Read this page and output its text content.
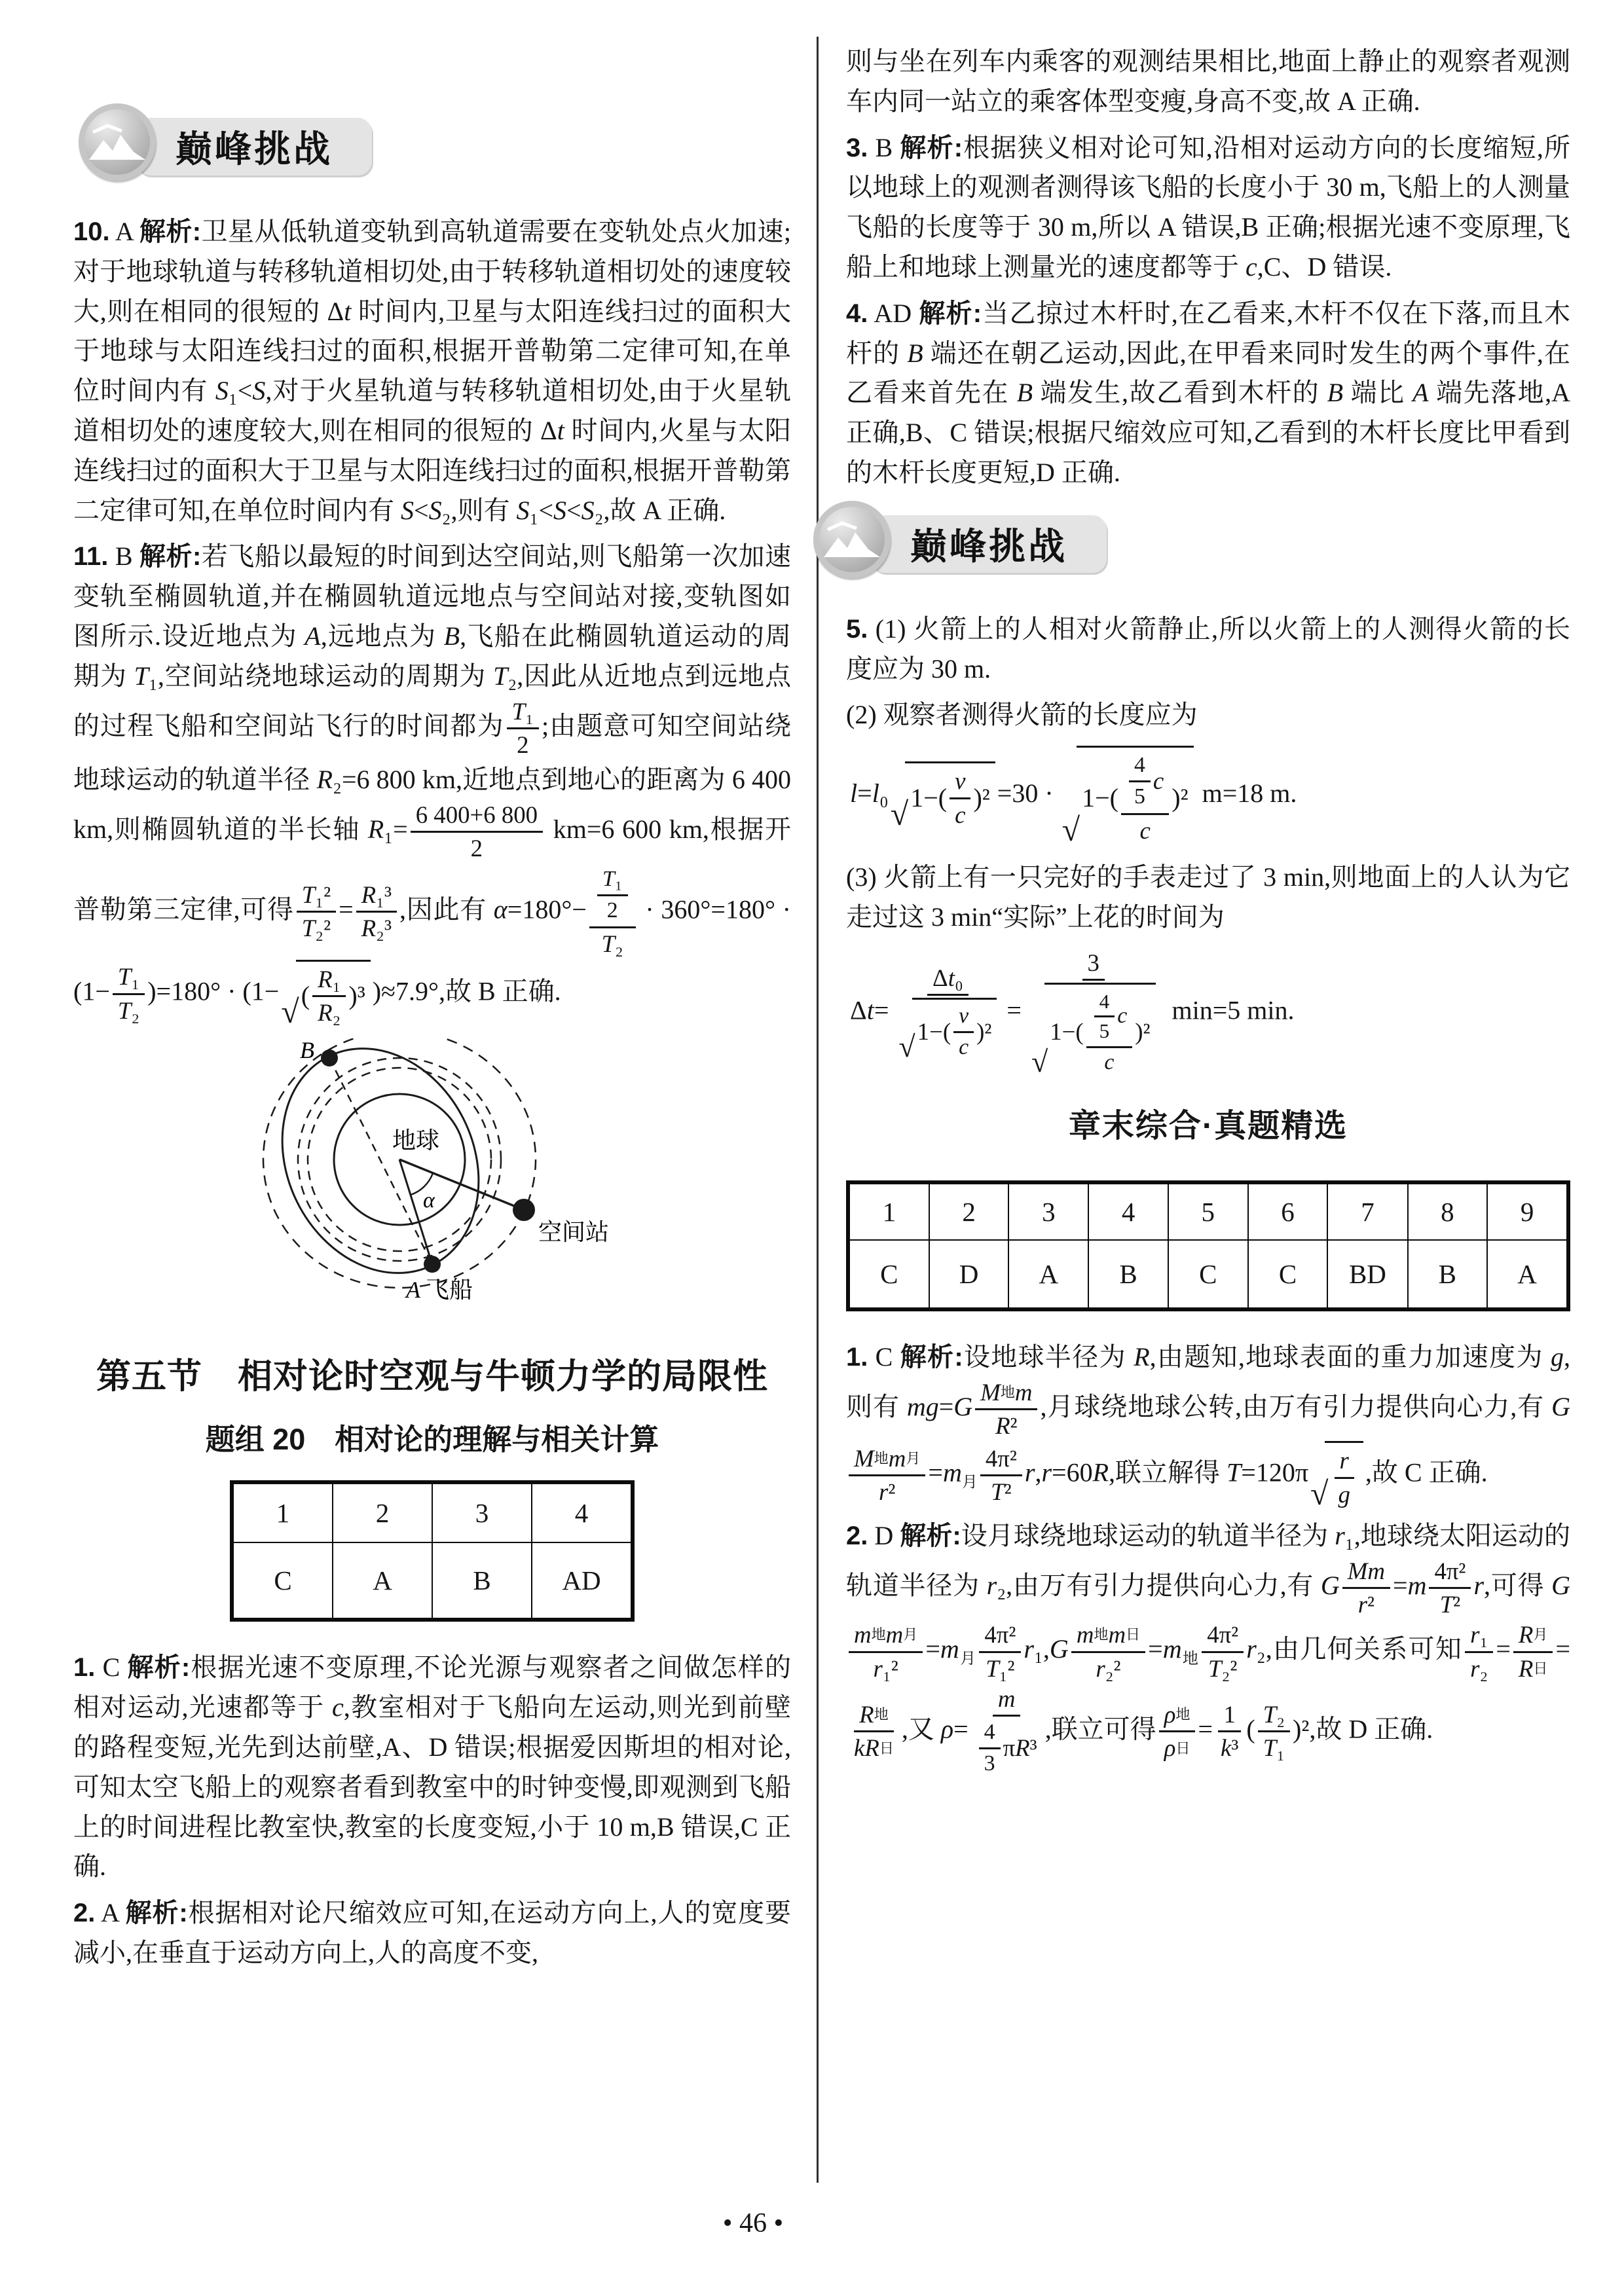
巅峰挑战

10. A 解析:卫星从低轨道变轨到高轨道需要在变轨处点火加速;对于地球轨道与转移轨道相切处,由于转移轨道相切处的速度较大,则在相同的很短的 Δt 时间内,卫星与太阳连线扫过的面积大于地球与太阳连线扫过的面积,根据开普勒第二定律可知,在单位时间内有 S₁<S,对于火星轨道与转移轨道相切处,由于火星轨道相切处的速度较大,则在相同的很短的 Δt 时间内,火星与太阳连线扫过的面积大于卫星与太阳连线扫过的面积,根据开普勒第二定律可知,在单位时间内有 S<S₂,则有 S₁<S<S₂,故 A 正确.

11. B 解析:若飞船以最短的时间到达空间站,则飞船第一次加速变轨至椭圆轨道,并在椭圆轨道远地点与空间站对接,变轨图如图所示.设近地点为 A,远地点为 B,飞船在此椭圆轨道运动的周期为 T₁,空间站绕地球运动的周期为 T₂,因此从近地点到远地点的过程飞船和空间站飞行的时间都为 $\frac{\text{T ₁}}{2}$ ;由题意可知空间站绕地球运动的轨道半径 R₂=6 800 km,近地点到地心的距离为 6 400 km,则椭圆轨道的半长轴 $R_1= \frac{6 400+6 800}{2} km=6$ 600 km,根据开普勒第三定律,可得 $\frac{\text{T ₁²}}{\text{T ₂²}} = \frac{\text{R ₁³}}{\text{R ₂³}}$ ,因此有 $\alpha=180^\circ- \frac{\frac{\text{T ₁}}{2}}{\text{T ₂}} \cdot 360^\circ=180^\circ \cdot (1- \frac{\text{T ₁}}{\text{T ₂}} )=180^\circ \cdot (1-$
√ ( $\frac{\text{R ₁}}{\text{R ₂}} )^3$ )≈7.9°,故 B 正确.

B
地球
α
空间站
A 飞船
第五节　相对论时空观与牛顿力学的局限性
题组 20　相对论的理解与相关计算
1	2	3	4
C	A	B	AD

1. C 解析:根据光速不变原理,不论光源与观察者之间做怎样的相对运动,光速都等于 c,教室相对于飞船向左运动,则光到前壁的路程变短,光先到达前壁,A、D 错误;根据爱因斯坦的相对论,可知太空飞船上的观察者看到教室中的时钟变慢,即观测到飞船上的时间进程比教室快,教室的长度变短,小于 10 m,B 错误,C 正确.

2. A 解析:根据相对论尺缩效应可知,在运动方向上,人的宽度要减小,在垂直于运动方向上,人的高度不变,

则与坐在列车内乘客的观测结果相比,地面上静止的观察者观测车内同一站立的乘客体型变瘦,身高不变,故 A 正确.

3. B 解析:根据狭义相对论可知,沿相对运动方向的长度缩短,所以地球上的观测者测得该飞船的长度小于 30 m,飞船上的人测量飞船的长度等于 30 m,所以 A 错误,B 正确;根据光速不变原理,飞船上和地球上测量光的速度都等于 c,C、D 错误.

4. AD 解析:当乙掠过木杆时,在乙看来,木杆不仅在下落,而且木杆的 B 端还在朝乙运动,因此,在甲看来同时发生的两个事件,在乙看来首先在 B 端发生,故乙看到木杆的 B 端比 A 端先落地,A 正确,B、C 错误;根据尺缩效应可知,乙看到的木杆长度比甲看到的木杆长度更短,D 正确.

巅峰挑战

5. (1) 火箭上的人相对火箭静止,所以火箭上的人测得火箭的长度应为 30 m.

(2) 观察者测得火箭的长度应为

l=l₀
√ $1-( \frac{v}{c} )^2 =30$ ·
√
$1-( \frac{\frac{4}{5} c}{c} )^2$ m=18 m.

(3) 火箭上有一只完好的手表走过了 3 min,则地面上的人认为它走过这 3 min“实际”上花的时间为

$\Delta t= \frac{\text{Δ t ₀}}{√ 1-( \frac{v}{c} )^2} = 3$
√
$1-( \frac{\frac{4}{5} c}{c} )^2$ min=5 min.
章末综合·真题精选
1	2	3	4	5	6	7	8	9
C	D	A	B	C	C	BD	B	A

1. C 解析:设地球半径为 R,由题知,地球表面的重力加速度为 g,则有 $mg=G \frac{\text{M 地 m}}{\text{R ²}}$ ,月球绕地球公转,由万有引力提供向心力,有 G
$\frac{\text{M 地 m 月}}{\text{r ²}} =m_月 \frac{\text{4π²}}{\text{T ²}} r,r=60R$,联立解得 T=120π
√ $\frac{r}{g}$ ,故 C 正确.

2. D 解析:设月球绕地球运动的轨道半径为 r₁,地球绕太阳运动的轨道半径为 r₂,由万有引力提供向心力,有 G $\frac{Mm}{\text{r ²}} =m \frac{\text{4π²}}{\text{T ²}} r$,可得 G
$\frac{\text{m 地 m 月}}{\text{r ₁²}} =m_月 \frac{\text{4π²}}{\text{T ₁²}} r_1,G \frac{\text{m 地 m 日}}{\text{r ₂²}} =m_地 \frac{\text{4π²}}{\text{T ₂²}} r_2$,由几何关系可知 $\frac{\text{r ₁}}{\text{r ₂}} = \frac{\text{R 月}}{\text{R 日}}$ =
$\frac{\text{R 地}}{\text{kR 日}}$ ,又 $\rho= \frac{m}{\frac{4}{3} \pi R ^3}$ ,联立可得 $\frac{\text{ρ 地}}{\text{ρ 日}} = \frac{1}{\text{k ³}}$ ( $\frac{\text{T ₂}}{\text{T ₁}} )^2$,故 D 正确.

• 46 •
